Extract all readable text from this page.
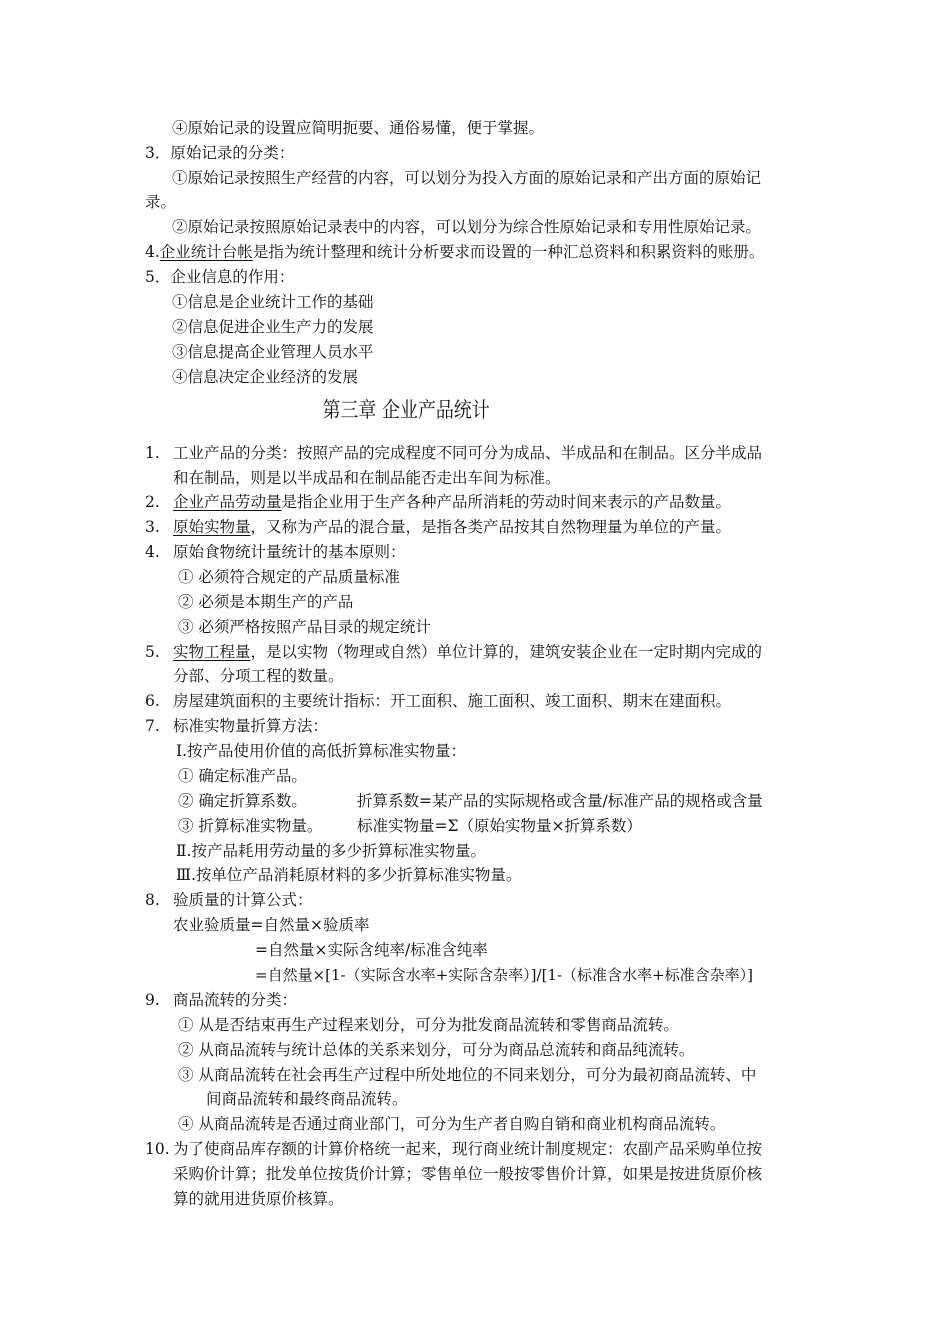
④原始记录的设置应简明扼要、通俗易懂，便于掌握。
3．原始记录的分类：
①原始记录按照生产经营的内容，可以划分为投入方面的原始记录和产出方面的原始记
录。
②原始记录按照原始记录表中的内容，可以划分为综合性原始记录和专用性原始记录。
4.企业统计台帐是指为统计整理和统计分析要求而设置的一种汇总资料和积累资料的账册。
5．企业信息的作用：
①信息是企业统计工作的基础
②信息促进企业生产力的发展
③信息提高企业管理人员水平
④信息决定企业经济的发展
第三章 企业产品统计
1. 工业产品的分类：按照产品的完成程度不同可分为成品、半成品和在制品。区分半成品
和在制品，则是以半成品和在制品能否走出车间为标准。
2. 企业产品劳动量是指企业用于生产各种产品所消耗的劳动时间来表示的产品数量。
3. 原始实物量，又称为产品的混合量，是指各类产品按其自然物理量为单位的产量。
4. 原始食物统计量统计的基本原则：
① 必须符合规定的产品质量标准
② 必须是本期生产的产品
③ 必须严格按照产品目录的规定统计
5. 实物工程量，是以实物（物理或自然）单位计算的，建筑安装企业在一定时期内完成的
分部、分项工程的数量。
6. 房屋建筑面积的主要统计指标：开工面积、施工面积、竣工面积、期末在建面积。
7. 标准实物量折算方法：
Ⅰ.按产品使用价值的高低折算标准实物量：
① 确定标准产品。
② 确定折算系数。	折算系数=某产品的实际规格或含量/标准产品的规格或含量
③ 折算标准实物量。 标准实物量=Σ（原始实物量×折算系数）
Ⅱ.按产品耗用劳动量的多少折算标准实物量。
Ⅲ.按单位产品消耗原材料的多少折算标准实物量。
8. 验质量的计算公式：
农业验质量=自然量×验质率
=自然量×实际含纯率/标准含纯率
=自然量×[1-（实际含水率+实际含杂率）]/[1-（标准含水率+标准含杂率）]
9. 商品流转的分类：
① 从是否结束再生产过程来划分，可分为批发商品流转和零售商品流转。
② 从商品流转与统计总体的关系来划分，可分为商品总流转和商品纯流转。
③ 从商品流转在社会再生产过程中所处地位的不同来划分，可分为最初商品流转、中
间商品流转和最终商品流转。
④ 从商品流转是否通过商业部门，可分为生产者自购自销和商业机构商品流转。
10. 为了使商品库存额的计算价格统一起来，现行商业统计制度规定：农副产品采购单位按
采购价计算；批发单位按货价计算；零售单位一般按零售价计算，如果是按进货原价核
算的就用进货原价核算。
